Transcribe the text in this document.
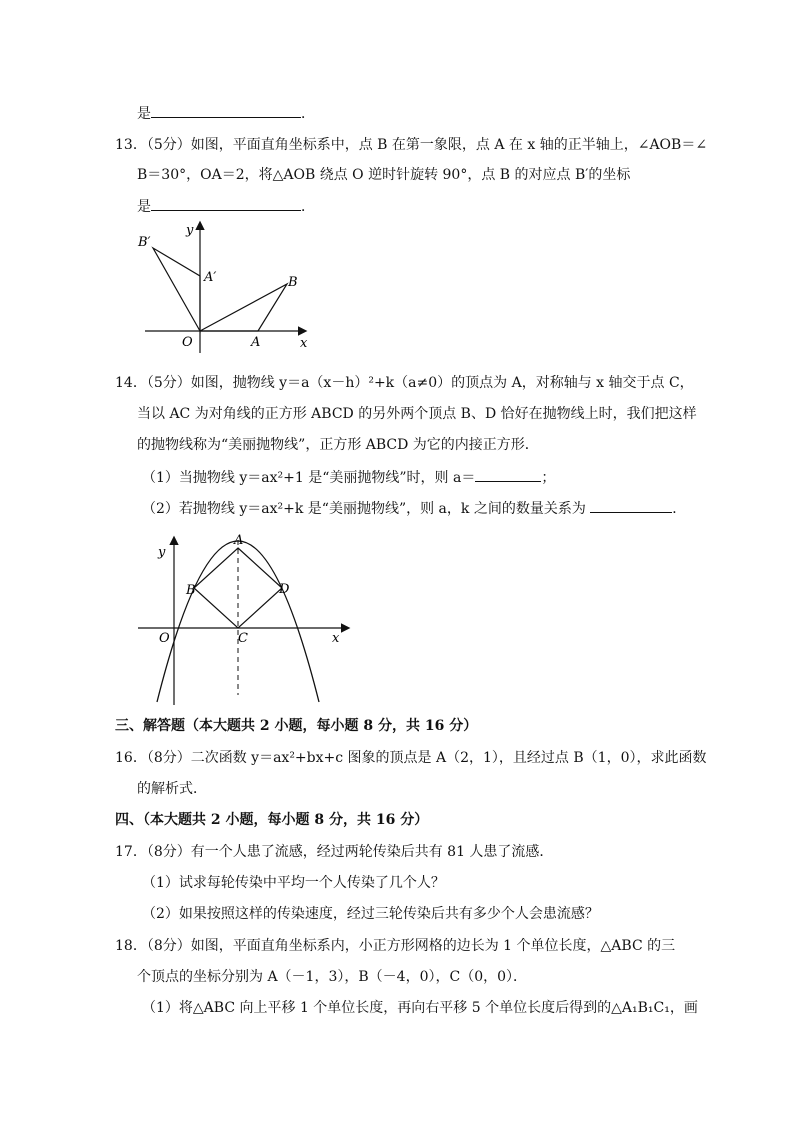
是	．
13．（5分）如图，平面直角坐标系中，点 B 在第一象限，点 A 在 x 轴的正半轴上，∠AOB＝∠
B＝30°，OA＝2，将△AOB 绕点 O 逆时针旋转 90°，点 B 的对应点 B′的坐标
是	．
B′
y
A′	B
O	A	x
14．（5分）如图，抛物线 y＝a（x－h）²+k（a≠0）的顶点为 A，对称轴与 x 轴交于点 C，
当以 AC 为对角线的正方形 ABCD 的另外两个顶点 B、D 恰好在抛物线上时，我们把这样
的抛物线称为“美丽抛物线”，正方形 ABCD 为它的内接正方形．
（1）当抛物线 y＝ax²+1 是“美丽抛物线”时，则 a＝	；
（2）若抛物线 y＝ax²+k 是“美丽抛物线”，则 a，k 之间的数量关系为	．
y
A
B	D
O	C	x
三、解答题（本大题共 2 小题，每小题 8 分，共 16 分）
16．（8分）二次函数 y＝ax²+bx+c 图象的顶点是 A（2，1），且经过点 B（1，0），求此函数
的解析式．
四、（本大题共 2 小题，每小题 8 分，共 16 分）
17．（8分）有一个人患了流感，经过两轮传染后共有 81 人患了流感．
（1）试求每轮传染中平均一个人传染了几个人？
（2）如果按照这样的传染速度，经过三轮传染后共有多少个人会患流感？
18．（8分）如图，平面直角坐标系内，小正方形网格的边长为 1 个单位长度，△ABC 的三
个顶点的坐标分别为 A（－1，3），B（－4，0），C（0，0）．
（1）将△ABC 向上平移 1 个单位长度，再向右平移 5 个单位长度后得到的△A₁B₁C₁，画
